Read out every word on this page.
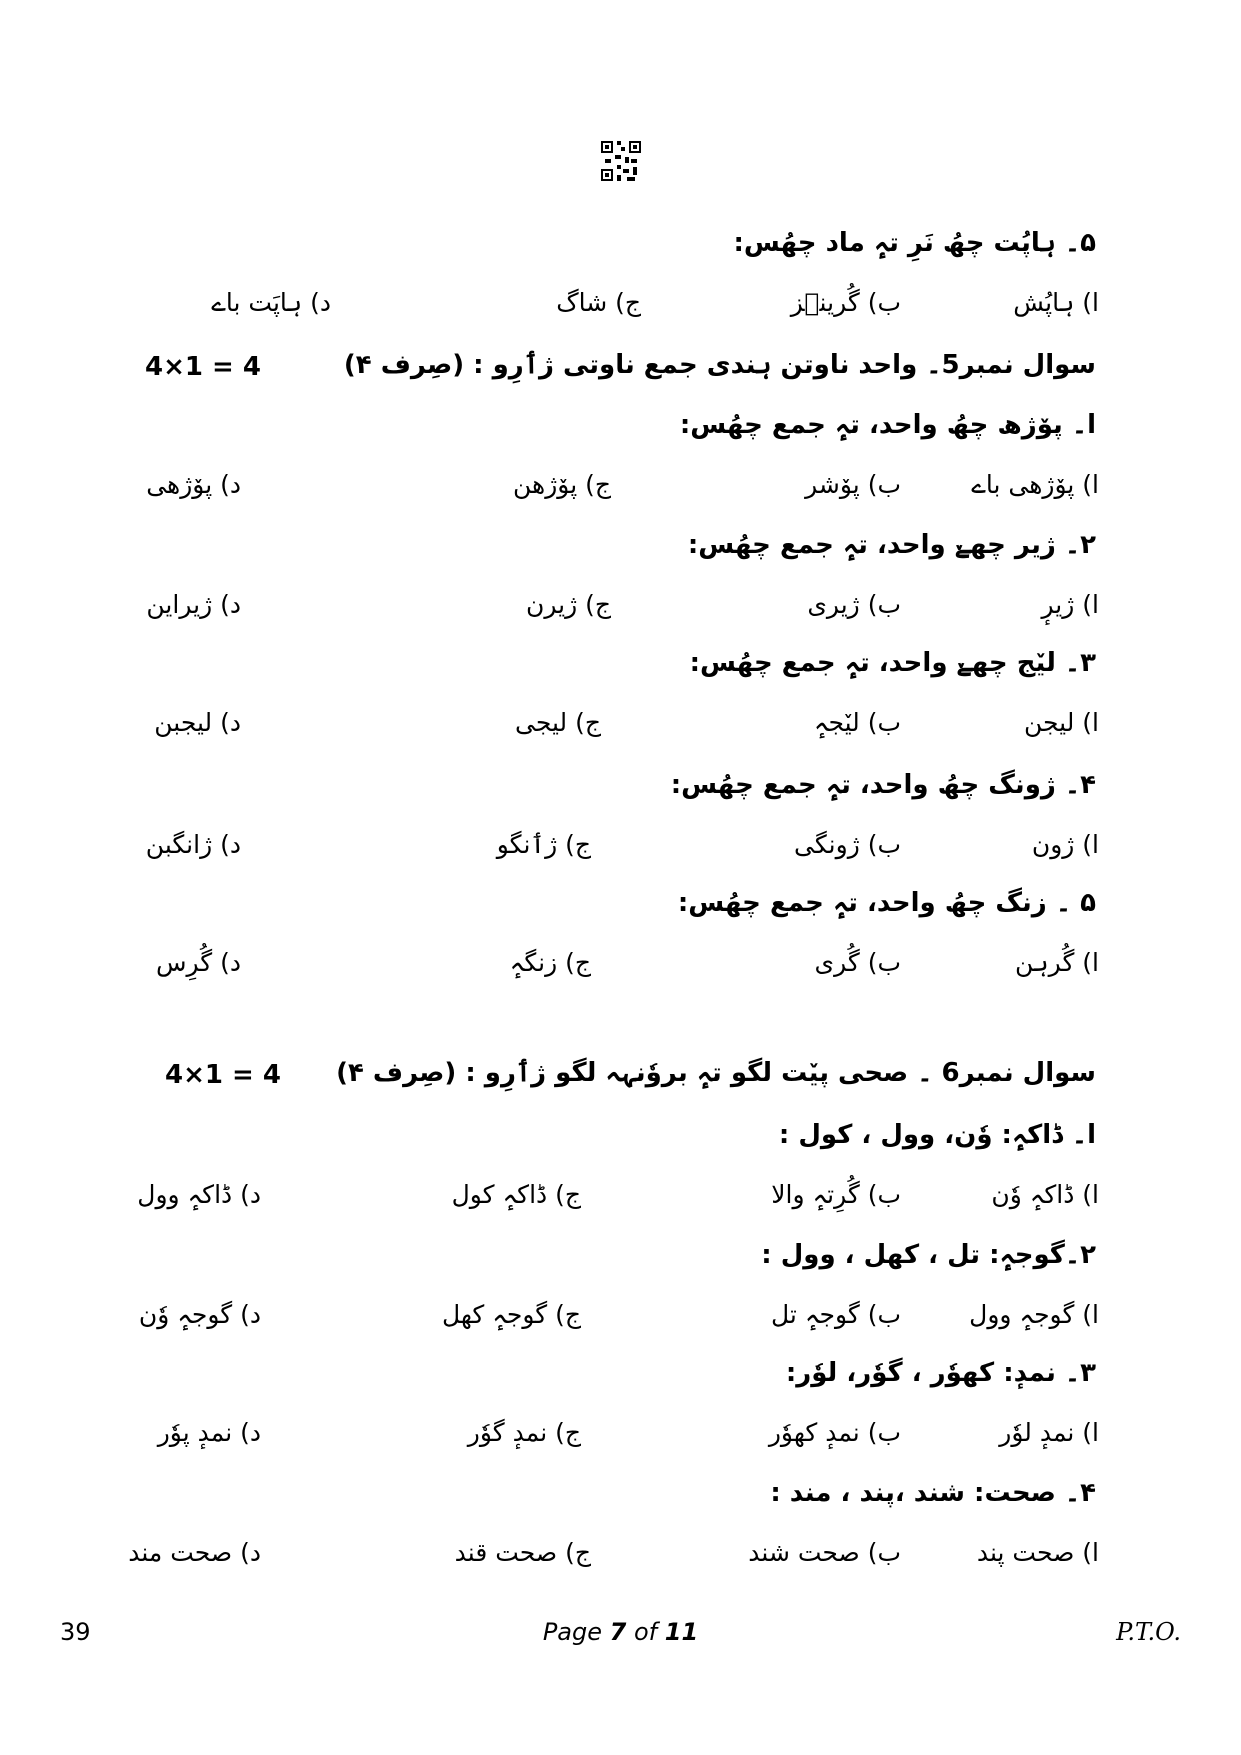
۵۔ ہاپُت چھُ نَرِ تہٕ ماد چھُس:
ا) ہاپُش
ب) گُرینٛز
ج) شاگ
د) ہاپَت باے
سوال نمبر5۔ واحد ناوتن ہندی جمع ناوتی ژٲرِو : (صِرف ۴)
4×1 = 4
ا۔ پۆژھ چھُ واحد، تہٕ جمع چھُس:
ا) پۆژھی باے
ب) پۆشر
ج) پۆژھن
د) پۆژھی
۲۔ ژیر چھےٚ واحد، تہٕ جمع چھُس:
ا) ژیرٕ
ب) ژیری
ج) ژیرن
د) ژیراین
۳۔ لیٚج چھےٚ واحد، تہٕ جمع چھُس:
ا) لیجن
ب) لیٚجہٕ
ج) لیجی
د) لیجبن
۴۔ ژونگ چھُ واحد، تہٕ جمع چھُس:
ا) ژون
ب) ژونگی
ج) ژٲنگو
د) ژانگبن
۵ ۔ زنگ چھُ واحد، تہٕ جمع چھُس:
ا) گُرہن
ب) گُری
ج) زنگہٕ
د) گُرِس
سوال نمبر6 ۔ صحی پیٚت لگو تہٕ بروٗنہہ لگو ژٲرِو : (صِرف ۴)
4×1 = 4
ا۔ ڈاکہٕ: وٗن، وول ، کول :
ا) ڈاکہٕ وٗن
ب) گُرِتہٕ والا
ج) ڈاکہٕ کول
د) ڈاکہٕ وول
۲۔گوجہٕ: تل ، کھل ، وول :
ا) گوجہٕ وول
ب) گوجہٕ تل
ج) گوجہٕ کھل
د) گوجہٕ وٗن
۳۔ نمدٕ: کھوٗر ، گوٗر، لوٗر:
ا) نمدٕ لوٗر
ب) نمدٕ کھوٗر
ج) نمدٕ گوٗر
د) نمدٕ پوٗر
۴۔ صحت: شند ،پند ، مند :
ا) صحت پند
ب) صحت شند
ج) صحت قند
د) صحت مند
39	Page 7 of 11	P.T.O.
